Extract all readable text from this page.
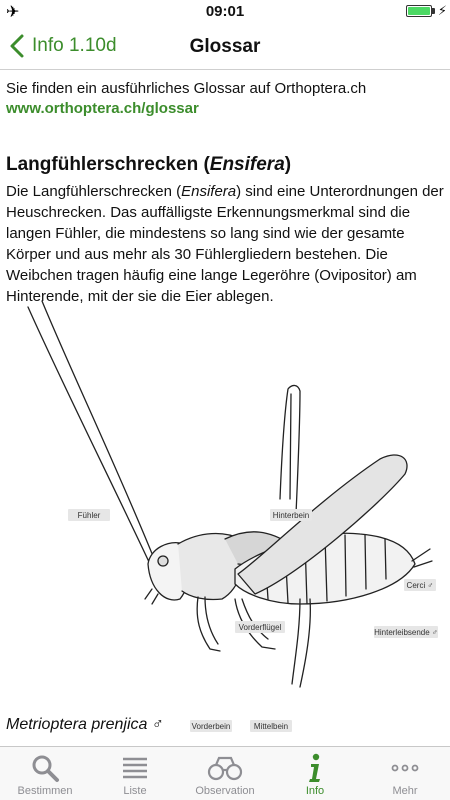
✈	09:01	⚡
Info 1.10d	Glossar
Sie finden ein ausführliches Glossar auf Orthoptera.ch
www.orthoptera.ch/glossar
Langfühlerschrecken (Ensifera)
Die Langfühlerschrecken (Ensifera) sind eine Unterordnungen der Heuschrecken. Das auffälligste Erkennungsmerkmal sind die langen Fühler, die mindestens so lang sind wie der gesamte Körper und aus mehr als 30 Fühlergliedern bestehen. Die Weibchen tragen häufig eine lange Legeröhre (Ovipositor) am Hinterende, mit der sie die Eier ablegen.
Fühler	Hinterbein
Cerci ♂
Vorderflügel
Hinterleibsende ♂
Vorderbein	Mittelbein
Metrioptera prenjica ♂
Bestimmen	Liste	Observation	Info	Mehr
